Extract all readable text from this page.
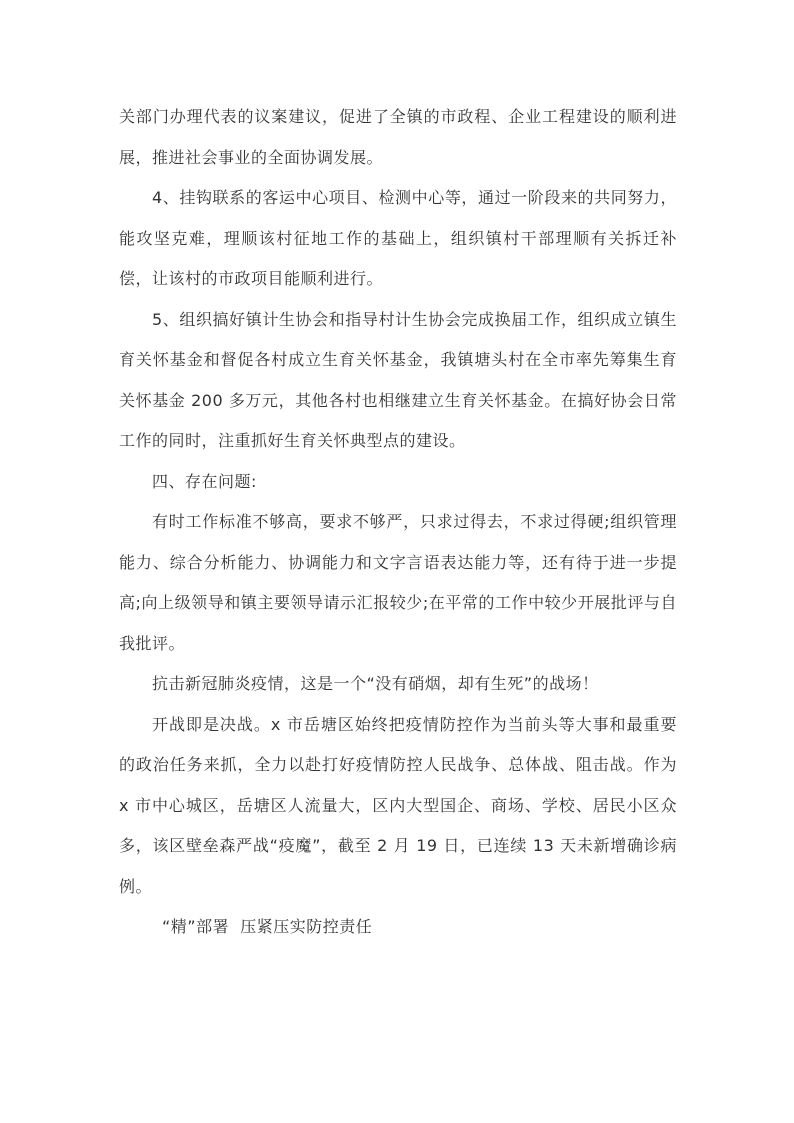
关部门办理代表的议案建议，促进了全镇的市政程、企业工程建设的顺利进展，推进社会事业的全面协调发展。

4、挂钩联系的客运中心项目、检测中心等，通过一阶段来的共同努力，能攻坚克难，理顺该村征地工作的基础上，组织镇村干部理顺有关拆迁补偿，让该村的市政项目能顺利进行。

5、组织搞好镇计生协会和指导村计生协会完成换届工作，组织成立镇生育关怀基金和督促各村成立生育关怀基金，我镇塘头村在全市率先筹集生育关怀基金 200 多万元，其他各村也相继建立生育关怀基金。在搞好协会日常工作的同时，注重抓好生育关怀典型点的建设。

四、存在问题:

有时工作标准不够高，要求不够严，只求过得去，不求过得硬;组织管理能力、综合分析能力、协调能力和文字言语表达能力等，还有待于进一步提高;向上级领导和镇主要领导请示汇报较少;在平常的工作中较少开展批评与自我批评。

抗击新冠肺炎疫情，这是一个“没有硝烟，却有生死”的战场！

开战即是决战。x 市岳塘区始终把疫情防控作为当前头等大事和最重要的政治任务来抓，全力以赴打好疫情防控人民战争、总体战、阻击战。作为 x 市中心城区，岳塘区人流量大，区内大型国企、商场、学校、居民小区众多，该区壁垒森严战“疫魔”，截至 2 月 19 日，已连续 13 天未新增确诊病例。

“精”部署  压紧压实防控责任
